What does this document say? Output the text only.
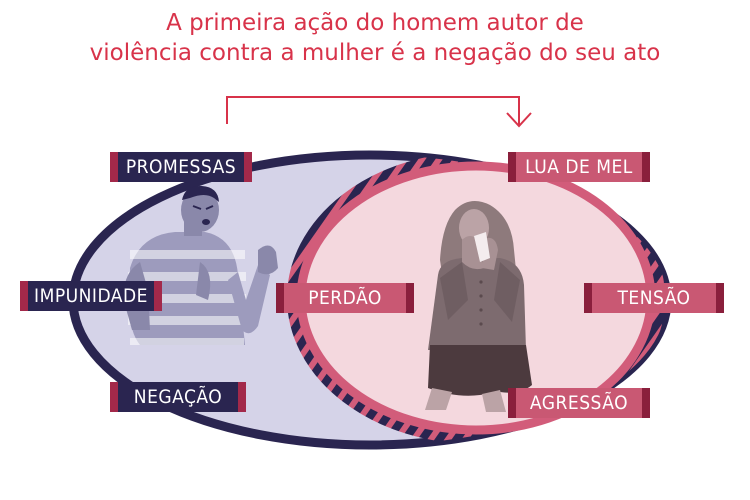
A primeira ação do homem autor de
violência contra a mulher é a negação do seu ato
PROMESSAS
IMPUNIDADE
NEGAÇÃO
PERDÃO
LUA DE MEL
TENSÃO
AGRESSÃO
